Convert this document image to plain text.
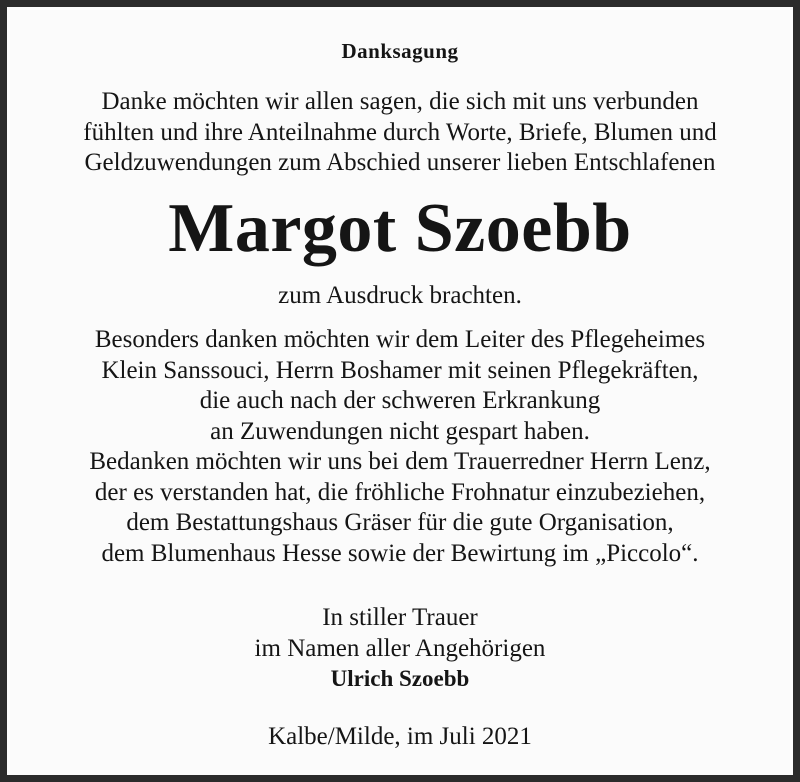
Danksagung
Danke möchten wir allen sagen, die sich mit uns verbunden
fühlten und ihre Anteilnahme durch Worte, Briefe, Blumen und
Geldzuwendungen zum Abschied unserer lieben Entschlafenen
Margot Szoebb
zum Ausdruck brachten.
Besonders danken möchten wir dem Leiter des Pflegeheimes
Klein Sanssouci, Herrn Boshamer mit seinen Pflegekräften,
die auch nach der schweren Erkrankung
an Zuwendungen nicht gespart haben.
Bedanken möchten wir uns bei dem Trauerredner Herrn Lenz,
der es verstanden hat, die fröhliche Frohnatur einzubeziehen,
dem Bestattungshaus Gräser für die gute Organisation,
dem Blumenhaus Hesse sowie der Bewirtung im „Piccolo“.
In stiller Trauer
im Namen aller Angehörigen
Ulrich Szoebb
Kalbe/Milde, im Juli 2021
